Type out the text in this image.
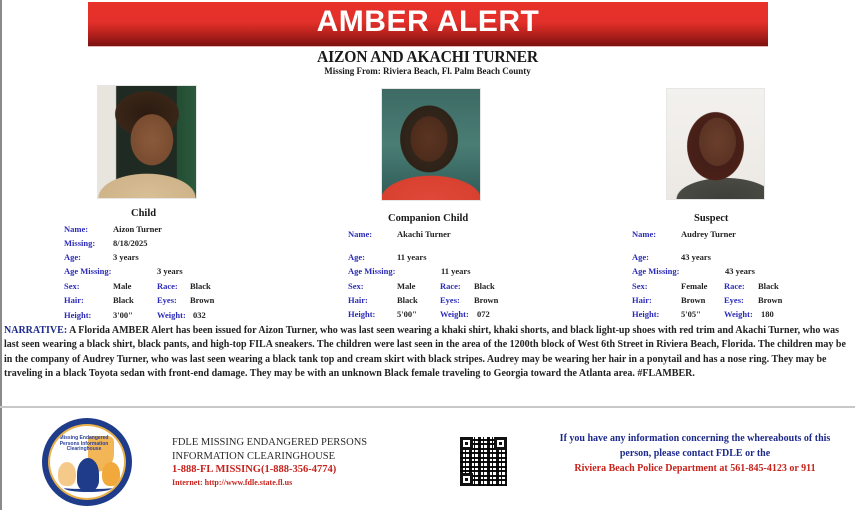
AMBER ALERT
AIZON AND AKACHI TURNER
Missing From: Riviera Beach, Fl. Palm Beach County
Child
Name:	Aizon Turner
Missing: 8/18/2025
Age:	3 years
Age Missing:	3 years
Sex:	Male	Race: Black
Hair:	Black	Eyes: Brown
Height:	3'00"	Weight: 032
Companion Child
Name:	Akachi Turner
Age:	11 years
Age Missing:	11 years
Sex:	Male	Race: Black
Hair:	Black	Eyes: Brown
Height:	5'00"	Weight: 072
Suspect
Name:	Audrey Turner
Age:	43 years
Age Missing:	43 years
Sex:	Female Race: Black
Hair:	Brown Eyes: Brown
Height:	5'05"	Weight: 180
NARRATIVE: A Florida AMBER Alert has been issued for Aizon Turner, who was last seen wearing a khaki shirt, khaki shorts, and black light-up shoes with red trim and Akachi Turner, who was last seen wearing a black shirt, black pants, and high-top FILA sneakers. The children were last seen in the area of the 1200th block of West 6th Street in Riviera Beach, Florida. The children may be in the company of Audrey Turner, who was last seen wearing a black tank top and cream skirt with black stripes. Audrey may be wearing her hair in a ponytail and has a nose ring. They may be traveling in a black Toyota sedan with front-end damage. They may be with an unknown Black female traveling to Georgia toward the Atlanta area. #FLAMBER.
Missing Endangered Persons Information Clearinghouse
FDLE MISSING ENDANGERED PERSONS
INFORMATION CLEARINGHOUSE
1-888-FL MISSING(1-888-356-4774)
Internet: http://www.fdle.state.fl.us
If you have any information concerning the whereabouts of this
person, please contact FDLE or the
Riviera Beach Police Department at 561-845-4123 or 911
